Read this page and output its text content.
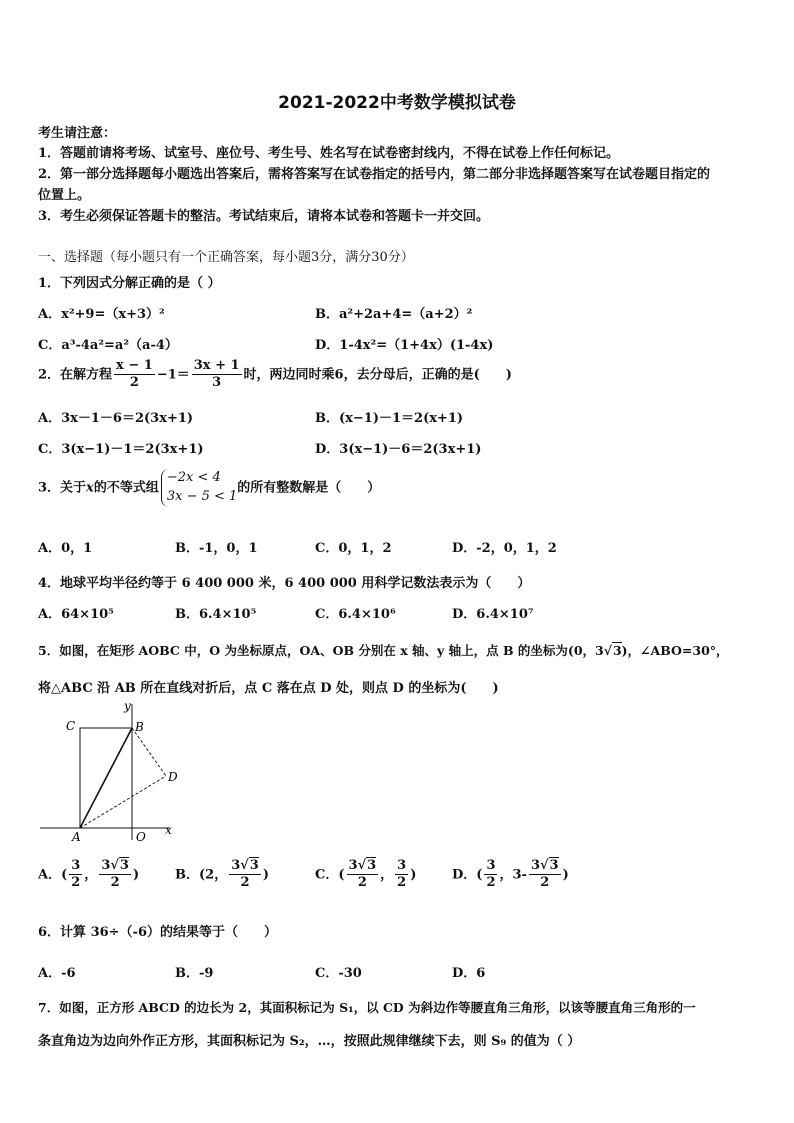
2021-2022中考数学模拟试卷
考生请注意：
1．答题前请将考场、试室号、座位号、考生号、姓名写在试卷密封线内，不得在试卷上作任何标记。
2．第一部分选择题每小题选出答案后，需将答案写在试卷指定的括号内，第二部分非选择题答案写在试卷题目指定的
位置上。
3．考生必须保证答题卡的整洁。考试结束后，请将本试卷和答题卡一并交回。
一、选择题（每小题只有一个正确答案，每小题3分，满分30分）
1．下列因式分解正确的是（ ）
A．x²+9=（x+3）²	B．a²+2a+4=（a+2）²
C．a³-4a²=a²（a-4）	D．1-4x²=（1+4x）(1-4x)
2．在解方程 $\frac{x - 1}{2} -1= \frac{3x + 1}{3}$ 时，两边同时乘6，去分母后，正确的是(　　)
A．3x－1－6＝2(3x+1)	B．(x−1)－1＝2(x+1)
C．3(x−1)－1＝2(3x+1)	D．3(x−1)－6＝2(3x+1)
3．关于x的不等式组
−2x < 4
3x − 5 < 1
的所有整数解是（　　）
A．0，1	B．-1，0，1	C．0，1，2	D．-2，0，1，2
4．地球平均半径约等于 6 400 000 米，6 400 000 用科学记数法表示为（　　）
A．64×10⁵	B．6.4×10⁵	C．6.4×10⁶	D．6.4×10⁷
5．如图，在矩形 AOBC 中，O 为坐标原点，OA、OB 分别在 x 轴、y 轴上，点 B 的坐标为(0，3√3)，∠ABO=30°，
将△ABC 沿 AB 所在直线对折后，点 C 落在点 D 处，则点 D 的坐标为(　　)
C	B
D
A	O x
y
A．( $\frac{3}{2}$ ， $\frac{3√3}{2}$ )	B．(2， $\frac{3√3}{2}$ )	C．( $\frac{3√3}{2}$ ， $\frac{3}{2}$ )	D．( $\frac{3}{2}$ ，$3- \frac{3√3}{2}$ )
6．计算 36÷（-6）的结果等于（　　）
A．-6	B．-9	C．-30	D．6
7．如图，正方形 ABCD 的边长为 2，其面积标记为 S₁，以 CD 为斜边作等腰直角三角形，以该等腰直角三角形的一
条直角边为边向外作正方形，其面积标记为 S₂，…，按照此规律继续下去，则 S₉ 的值为（ ）
